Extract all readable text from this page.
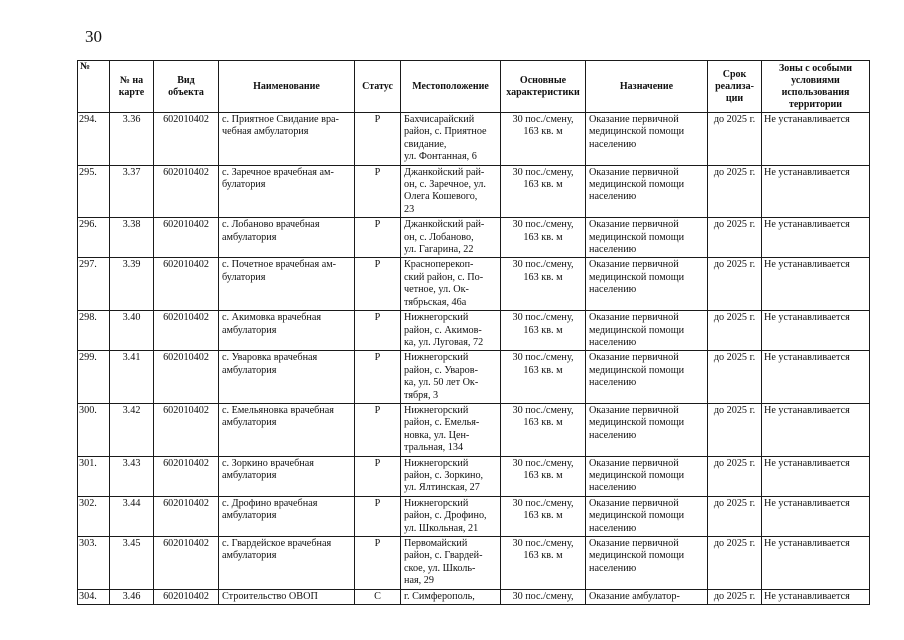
30
№	№ на
карте	Вид
объекта	Наименование	Статус	Местоположение	Основные
характеристики	Назначение	Срок
реализа-
ции	Зоны с особыми
условиями
использования
территории
294.	3.36	602010402	с. Приятное Свидание вра-
чебная амбулатория	Р	Бахчисарайский
район, с. Приятное
свидание,
ул. Фонтанная, 6	30 пос./смену,
163 кв. м	Оказание первичной
медицинской помощи
населению	до 2025 г.	Не устанавливается
295.	3.37	602010402	с. Заречное врачебная ам-
булатория	Р	Джанкойский рай-
он, с. Заречное, ул.
Олега Кошевого,
23	30 пос./смену,
163 кв. м	Оказание первичной
медицинской помощи
населению	до 2025 г.	Не устанавливается
296.	3.38	602010402	с. Лобаново врачебная
амбулатория	Р	Джанкойский рай-
он, с. Лобаново,
ул. Гагарина, 22	30 пос./смену,
163 кв. м	Оказание первичной
медицинской помощи
населению	до 2025 г.	Не устанавливается
297.	3.39	602010402	с. Почетное врачебная ам-
булатория	Р	Красноперекоп-
ский район, с. По-
четное, ул. Ок-
тябрьская, 46а	30 пос./смену,
163 кв. м	Оказание первичной
медицинской помощи
населению	до 2025 г.	Не устанавливается
298.	3.40	602010402	с. Акимовка врачебная
амбулатория	Р	Нижнегорский
район, с. Акимов-
ка, ул. Луговая, 72	30 пос./смену,
163 кв. м	Оказание первичной
медицинской помощи
населению	до 2025 г.	Не устанавливается
299.	3.41	602010402	с. Уваровка врачебная
амбулатория	Р	Нижнегорский
район, с. Уваров-
ка, ул. 50 лет Ок-
тября, 3	30 пос./смену,
163 кв. м	Оказание первичной
медицинской помощи
населению	до 2025 г.	Не устанавливается
300.	3.42	602010402	с. Емельяновка врачебная
амбулатория	Р	Нижнегорский
район, с. Емелья-
новка, ул. Цен-
тральная, 134	30 пос./смену,
163 кв. м	Оказание первичной
медицинской помощи
населению	до 2025 г.	Не устанавливается
301.	3.43	602010402	с. Зоркино врачебная
амбулатория	Р	Нижнегорский
район, с. Зоркино,
ул. Ялтинская, 27	30 пос./смену,
163 кв. м	Оказание первичной
медицинской помощи
населению	до 2025 г.	Не устанавливается
302.	3.44	602010402	с. Дрофино врачебная
амбулатория	Р	Нижнегорский
район, с. Дрофино,
ул. Школьная, 21	30 пос./смену,
163 кв. м	Оказание первичной
медицинской помощи
населению	до 2025 г.	Не устанавливается
303.	3.45	602010402	с. Гвардейское врачебная
амбулатория	Р	Первомайский
район, с. Гвардей-
ское, ул. Школь-
ная, 29	30 пос./смену,
163 кв. м	Оказание первичной
медицинской помощи
населению	до 2025 г.	Не устанавливается
304.	3.46	602010402	Строительство ОВОП	С	г. Симферополь,	30 пос./смену,	Оказание амбулатор-	до 2025 г.	Не устанавливается
